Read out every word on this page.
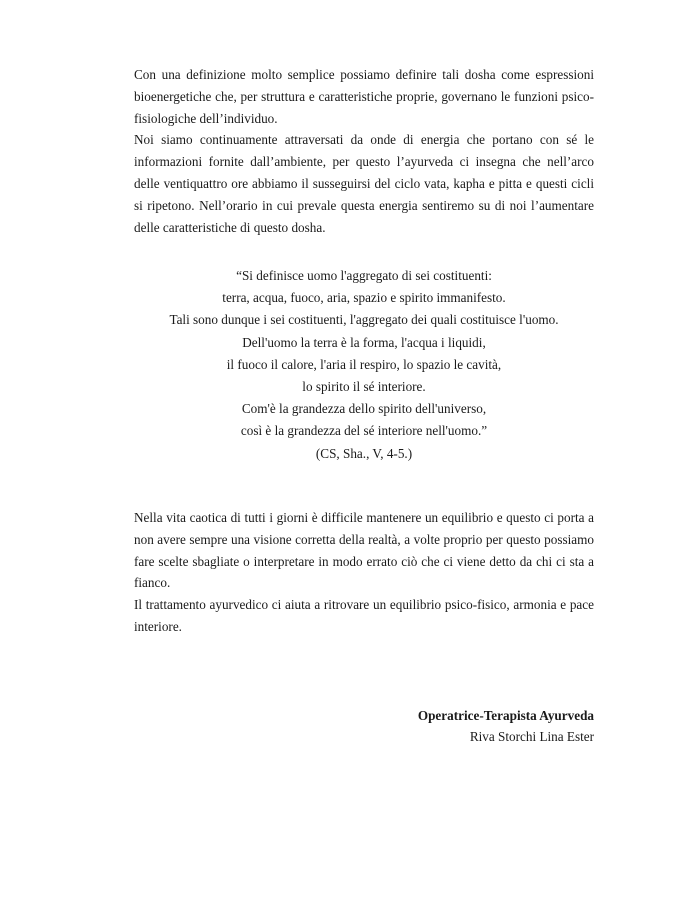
Con una definizione molto semplice possiamo definire tali dosha come espressioni bioenergetiche che, per struttura e caratteristiche proprie, governano le funzioni psico-fisiologiche dell’individuo.

Noi siamo continuamente attraversati da onde di energia che portano con sé le informazioni fornite dall’ambiente, per questo l’ayurveda ci insegna che nell’arco delle ventiquattro ore abbiamo il susseguirsi del ciclo vata, kapha e pitta e questi cicli si ripetono. Nell’orario in cui prevale questa energia sentiremo su di noi l’aumentare delle caratteristiche di questo dosha.

“Si definisce uomo l'aggregato di sei costituenti:
terra, acqua, fuoco, aria, spazio e spirito immanifesto.
Tali sono dunque i sei costituenti, l'aggregato dei quali costituisce l'uomo.
Dell'uomo la terra è la forma, l'acqua i liquidi,
il fuoco il calore, l'aria il respiro, lo spazio le cavità,
lo spirito il sé interiore.
Com'è la grandezza dello spirito dell'universo,
così è la grandezza del sé interiore nell'uomo.”
(CS, Sha., V, 4-5.)

Nella vita caotica di tutti i giorni è difficile mantenere un equilibrio e questo ci porta a non avere sempre una visione corretta della realtà, a volte proprio per questo possiamo fare scelte sbagliate o interpretare in modo errato ciò che ci viene detto da chi ci sta a fianco.

Il trattamento ayurvedico ci aiuta a ritrovare un equilibrio psico-fisico, armonia e pace interiore.

Operatrice-Terapista Ayurveda
Riva Storchi Lina Ester
